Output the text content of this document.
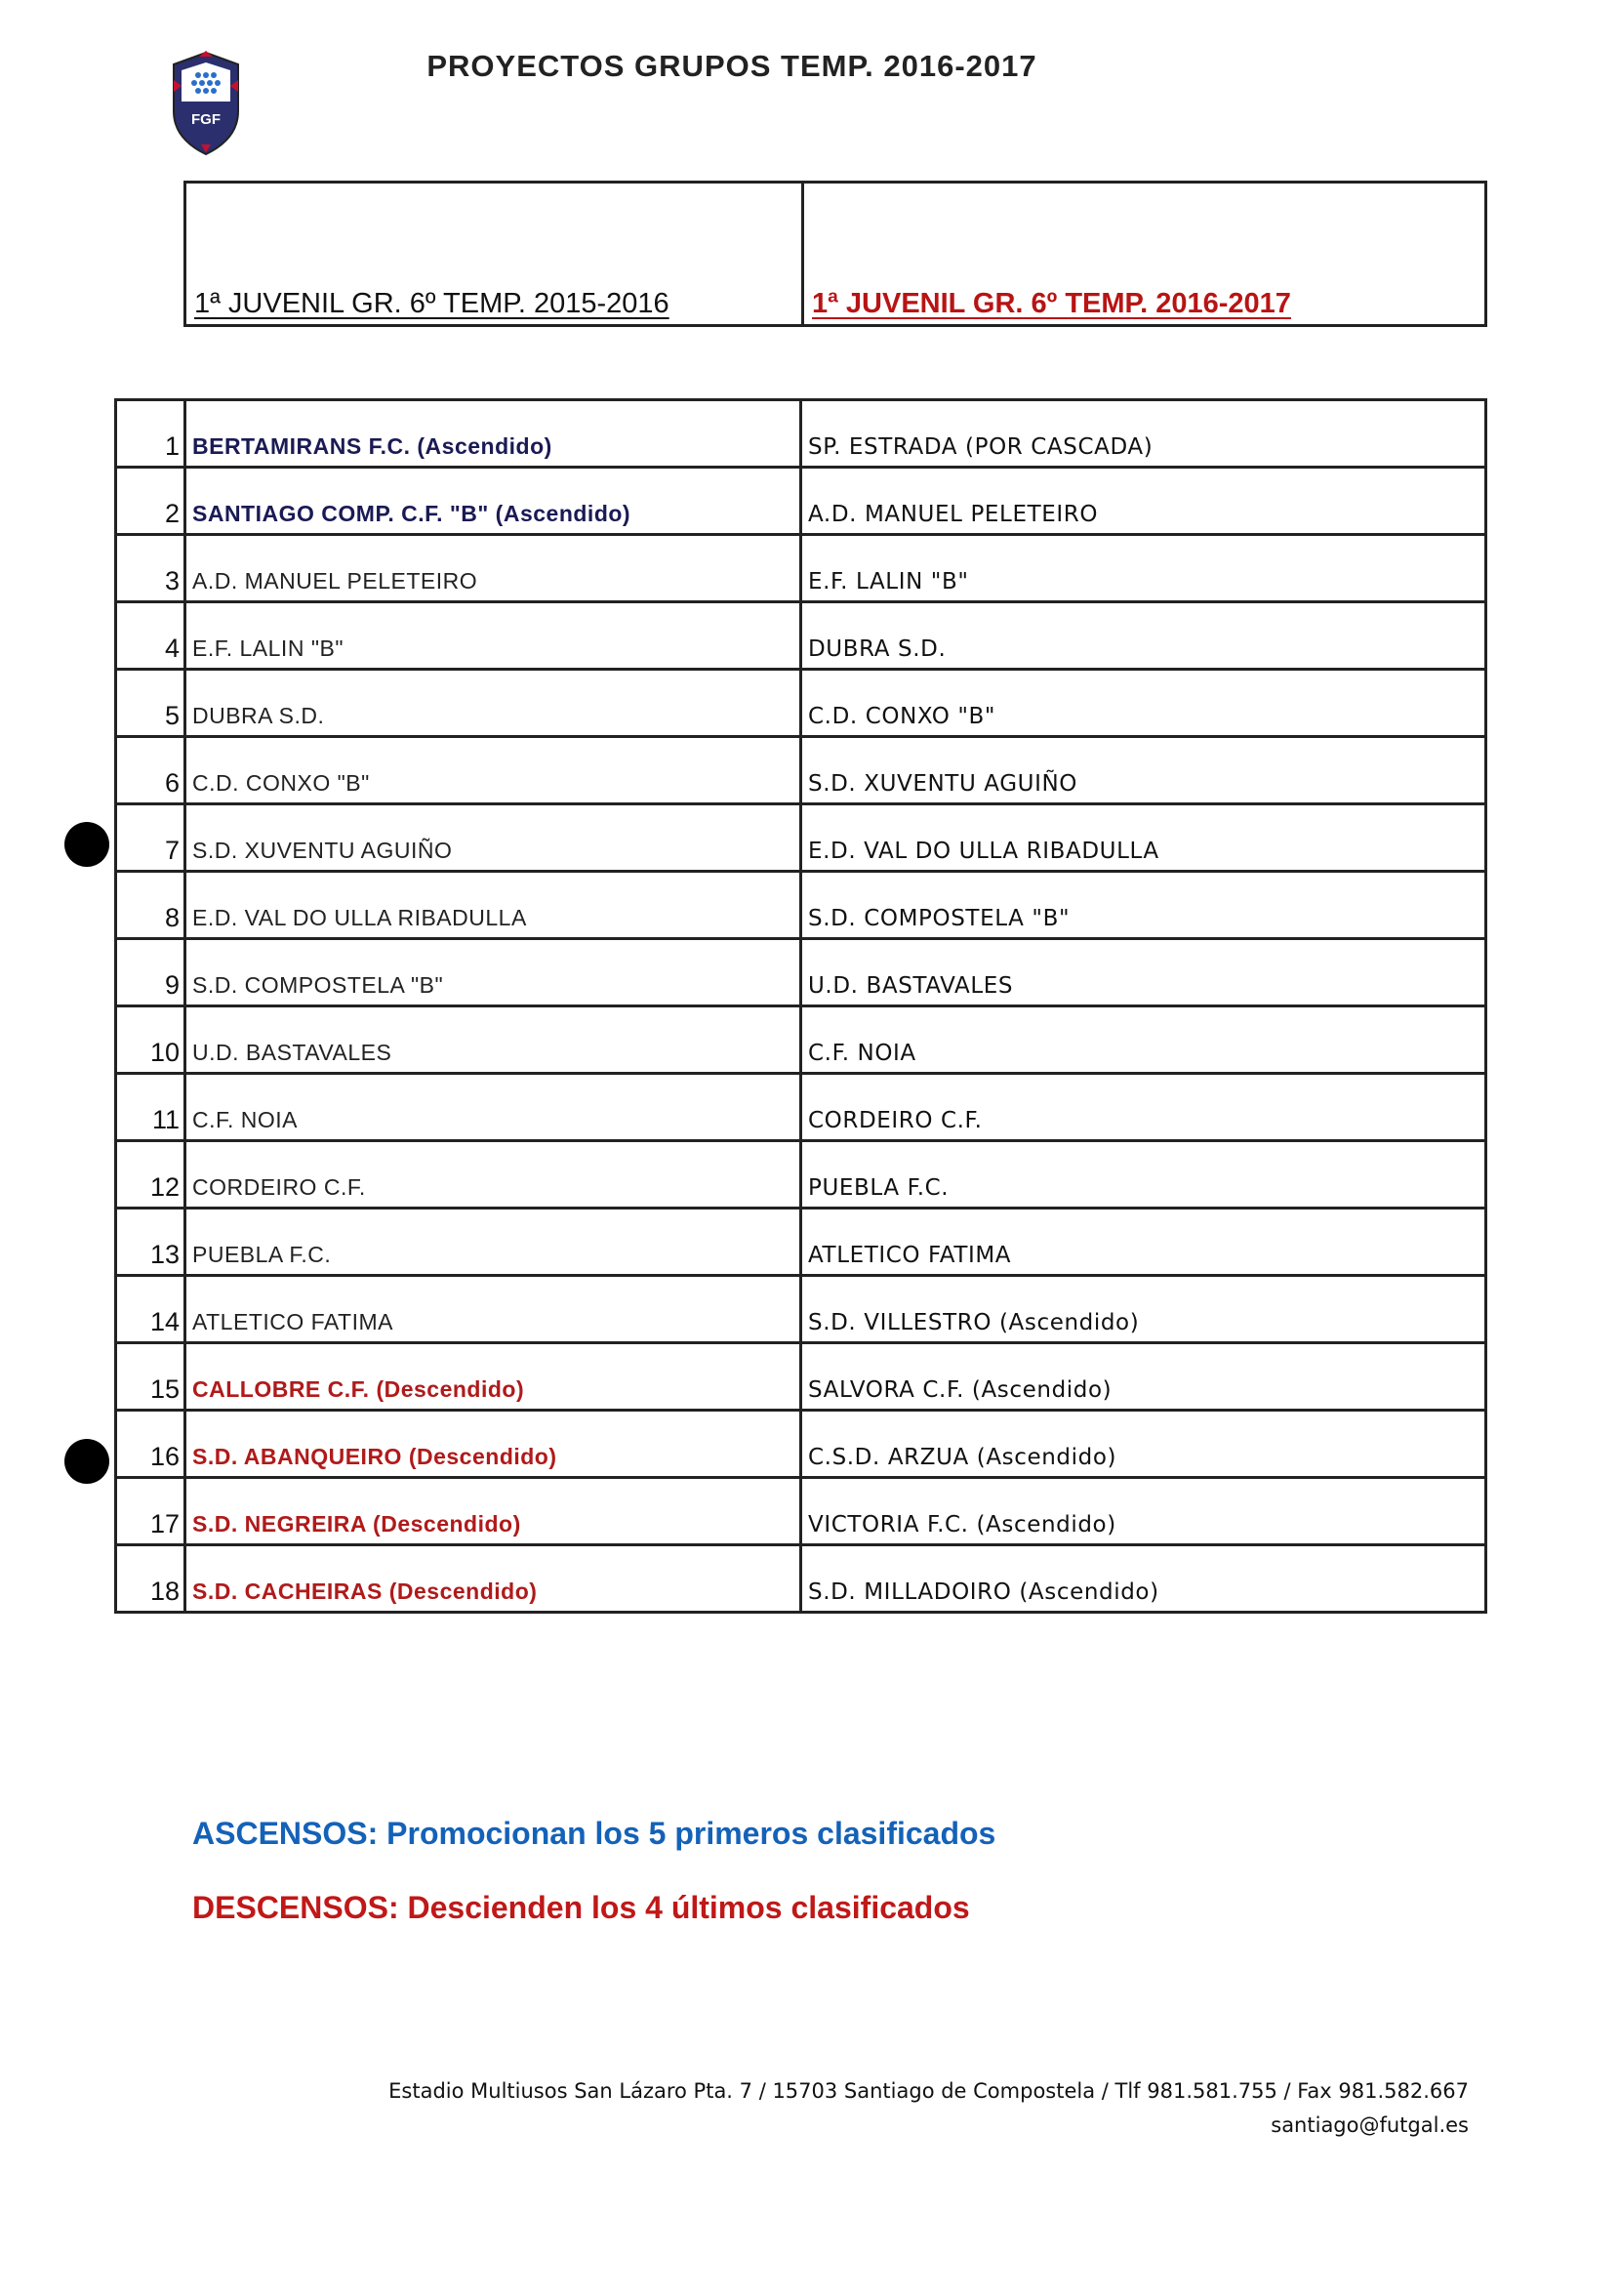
FGF
PROYECTOS GRUPOS TEMP. 2016-2017
1ª JUVENIL GR. 6º TEMP. 2015-2016	1ª JUVENIL GR. 6º TEMP. 2016-2017
1	BERTAMIRANS F.C. (Ascendido)	SP. ESTRADA (POR CASCADA)
2	SANTIAGO COMP. C.F. "B" (Ascendido)	A.D. MANUEL PELETEIRO
3	A.D. MANUEL PELETEIRO	E.F. LALIN "B"
4	E.F. LALIN "B"	DUBRA S.D.
5	DUBRA S.D.	C.D. CONXO "B"
6	C.D. CONXO "B"	S.D. XUVENTU AGUIÑO
7	S.D. XUVENTU AGUIÑO	E.D. VAL DO ULLA RIBADULLA
8	E.D. VAL DO ULLA RIBADULLA	S.D. COMPOSTELA "B"
9	S.D. COMPOSTELA "B"	U.D. BASTAVALES
10	U.D. BASTAVALES	C.F. NOIA
11	C.F. NOIA	CORDEIRO C.F.
12	CORDEIRO C.F.	PUEBLA F.C.
13	PUEBLA F.C.	ATLETICO FATIMA
14	ATLETICO FATIMA	S.D. VILLESTRO (Ascendido)
15	CALLOBRE C.F. (Descendido)	SALVORA C.F. (Ascendido)
16	S.D. ABANQUEIRO (Descendido)	C.S.D. ARZUA (Ascendido)
17	S.D. NEGREIRA (Descendido)	VICTORIA F.C. (Ascendido)
18	S.D. CACHEIRAS (Descendido)	S.D. MILLADOIRO (Ascendido)
ASCENSOS: Promocionan los 5 primeros clasificados
DESCENSOS: Descienden los 4 últimos clasificados
Estadio Multiusos San Lázaro Pta. 7 / 15703 Santiago de Compostela / Tlf 981.581.755 / Fax 981.582.667
santiago@futgal.es
